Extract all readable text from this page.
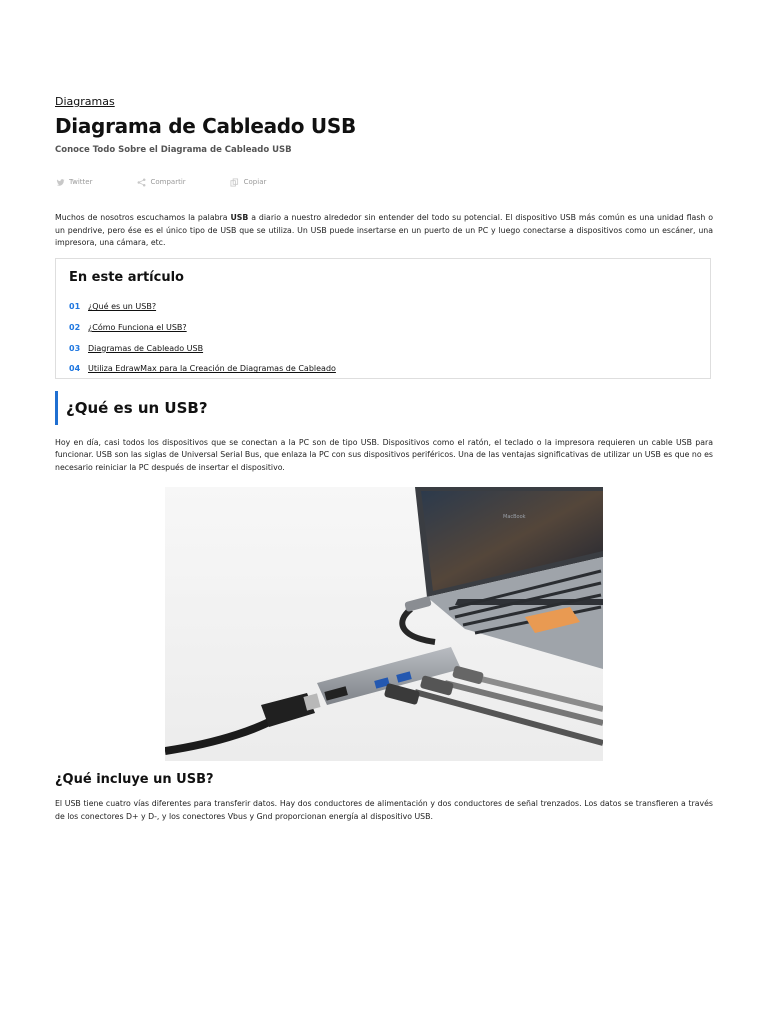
Diagramas
Diagrama de Cableado USB

Conoce Todo Sobre el Diagrama de Cableado USB

Twitter	Compartir	Copiar

Muchos de nosotros escuchamos la palabra USB a diario a nuestro alrededor sin entender del todo su potencial. El dispositivo USB más común es una unidad flash o un pendrive, pero ése es el único tipo de USB que se utiliza. Un USB puede insertarse en un puerto de un PC y luego conectarse a dispositivos como un escáner, una impresora, una cámara, etc.

En este artículo
01 ¿Qué es un USB?
02 ¿Cómo Funciona el USB?
03 Diagramas de Cableado USB
04 Utiliza EdrawMax para la Creación de Diagramas de Cableado
¿Qué es un USB?

Hoy en día, casi todos los dispositivos que se conectan a la PC son de tipo USB. Dispositivos como el ratón, el teclado o la impresora requieren un cable USB para funcionar. USB son las siglas de Universal Serial Bus, que enlaza la PC con sus dispositivos periféricos. Una de las ventajas significativas de utilizar un USB es que no es necesario reiniciar la PC después de insertar el dispositivo.

MacBook
¿Qué incluye un USB?

El USB tiene cuatro vías diferentes para transferir datos. Hay dos conductores de alimentación y dos conductores de señal trenzados. Los datos se transfieren a través de los conectores D+ y D-, y los conectores Vbus y Gnd proporcionan energía al dispositivo USB.
